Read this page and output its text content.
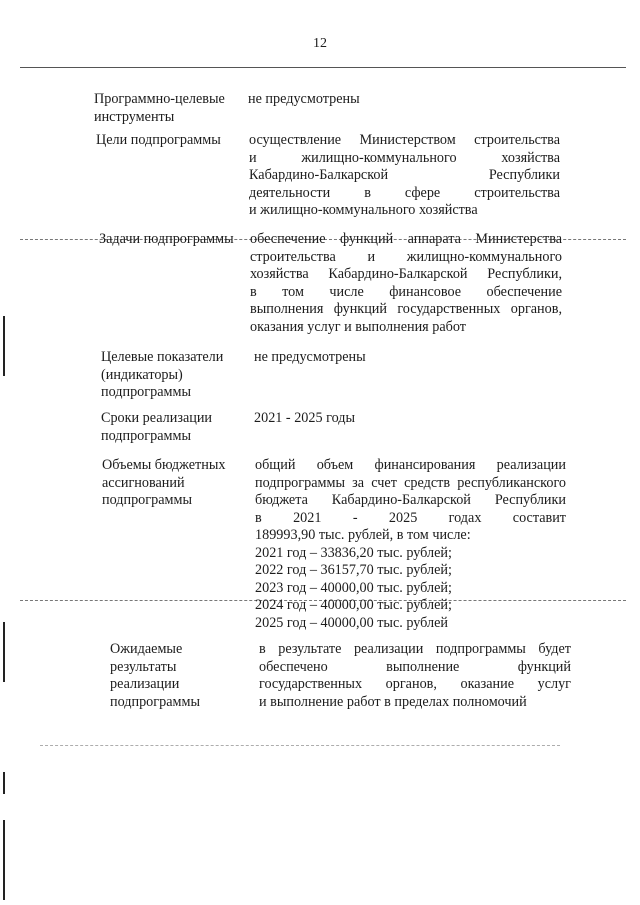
12
Программно-целевые
инструменты
не предусмотрены
Цели подпрограммы	осуществление Министерством строительства
и жилищно-коммунального хозяйства
Кабардино-Балкарской Республики
деятельности в сфере строительства
и жилищно-коммунального хозяйства
Задачи подпрограммы	обеспечение функций аппарата Министерства
строительства и жилищно-коммунального
хозяйства Кабардино-Балкарской Республики,
в том числе финансовое обеспечение
выполнения функций государственных органов,
оказания услуг и выполнения работ
Целевые показатели
(индикаторы)
подпрограммы
не предусмотрены
Сроки реализации
подпрограммы
2021 - 2025 годы
Объемы бюджетных
ассигнований
подпрограммы
общий объем финансирования реализации
подпрограммы за счет средств республиканского
бюджета Кабардино-Балкарской Республики
в 2021 - 2025 годах составит
189993,90 тыс. рублей, в том числе:
2021 год – 33836,20 тыс. рублей;
2022 год – 36157,70 тыс. рублей;
2023 год – 40000,00 тыс. рублей;
2024 год – 40000,00 тыс. рублей;
2025 год – 40000,00 тыс. рублей
Ожидаемые
результаты
реализации
подпрограммы
в результате реализации подпрограммы будет
обеспечено выполнение функций
государственных органов, оказание услуг
и выполнение работ в пределах полномочий
